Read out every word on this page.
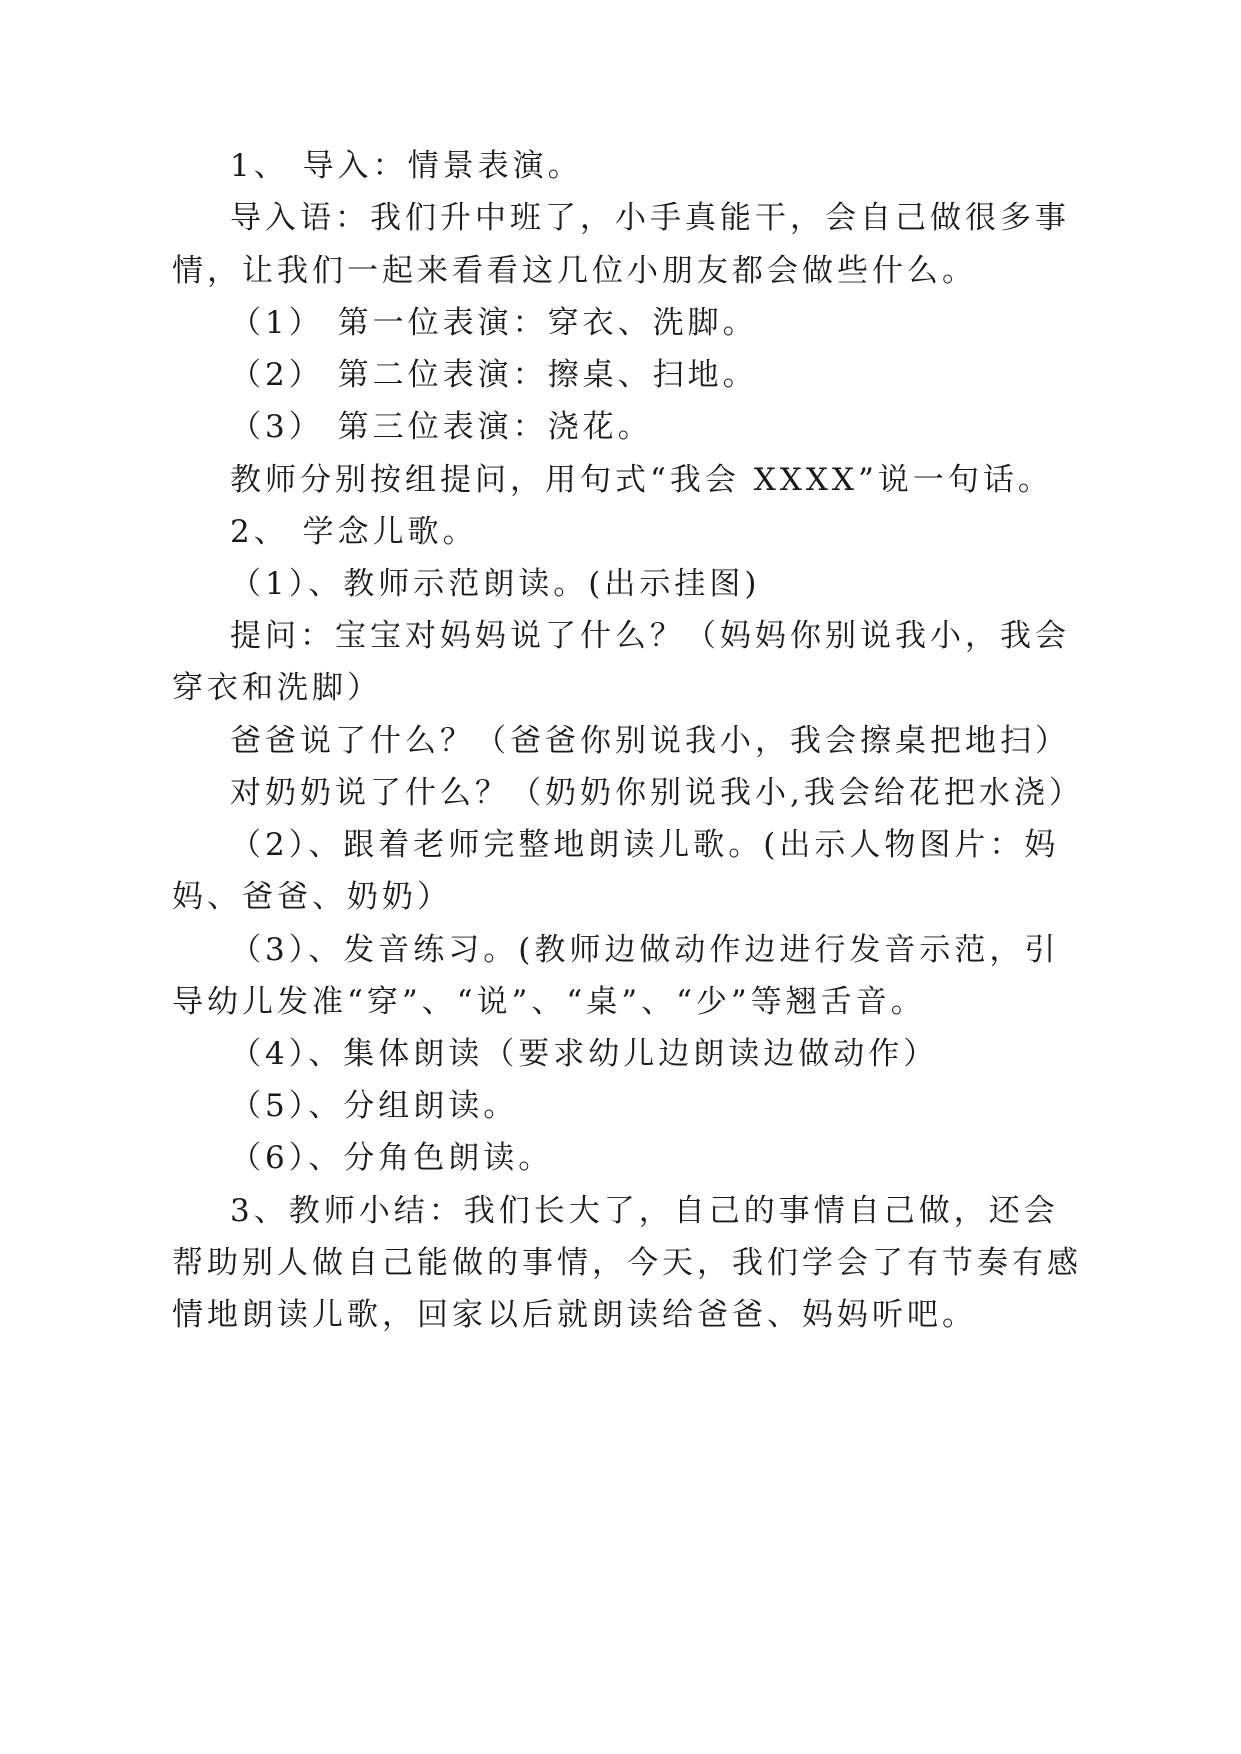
1、 导入：情景表演。
导入语：我们升中班了，小手真能干，会自己做很多事
情，让我们一起来看看这几位小朋友都会做些什么。
（1） 第一位表演：穿衣、洗脚。
（2） 第二位表演：擦桌、扫地。
（3） 第三位表演：浇花。
教师分别按组提问，用句式“我会 XXXX”说一句话。
2、 学念儿歌。
（1）、教师示范朗读。(出示挂图)
提问：宝宝对妈妈说了什么？（妈妈你别说我小，我会
穿衣和洗脚）
爸爸说了什么？（爸爸你别说我小，我会擦桌把地扫）
对奶奶说了什么？（奶奶你别说我小,我会给花把水浇）
（2）、跟着老师完整地朗读儿歌。(出示人物图片：妈
妈、爸爸、奶奶）
（3）、发音练习。(教师边做动作边进行发音示范，引
导幼儿发准“穿”、“说”、“桌”、“少”等翘舌音。
（4）、集体朗读（要求幼儿边朗读边做动作）
（5）、分组朗读。
（6）、分角色朗读。
3、教师小结：我们长大了，自己的事情自己做，还会
帮助别人做自己能做的事情，今天，我们学会了有节奏有感
情地朗读儿歌，回家以后就朗读给爸爸、妈妈听吧。
